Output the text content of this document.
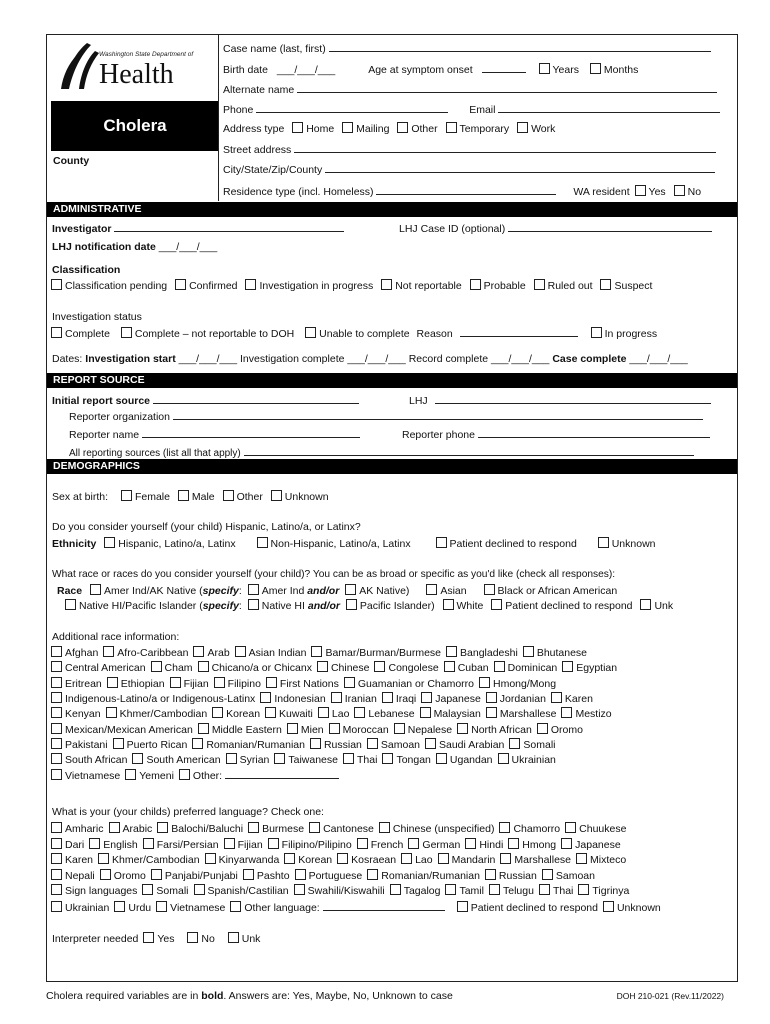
Washington State Department of
Health
Cholera
County
Case name (last, first)
Birth date ___/___/___	Age at symptom onset	Years Months
Alternate name
Phone	Email
Address type Home Mailing Other Temporary Work
Street address
City/State/Zip/County
Residence type (incl. Homeless)	WA resident Yes No
ADMINISTRATIVE
Investigator	LHJ Case ID (optional)
LHJ notification date ___/___/___
Classification
Classification pending Confirmed Investigation in progress Not reportable Probable Ruled out Suspect
Investigation status
Complete Complete – not reportable to DOH Unable to complete Reason	In progress
Dates: Investigation start ___/___/___ Investigation complete ___/___/___ Record complete ___/___/___ Case complete ___/___/___
REPORT SOURCE
Initial report source	LHJ
Reporter organization
Reporter name	Reporter phone
All reporting sources (list all that apply)
DEMOGRAPHICS
Sex at birth:	Female Male Other Unknown
Do you consider yourself (your child) Hispanic, Latino/a, or Latinx?
Ethnicity Hispanic, Latino/a, Latinx	Non-Hispanic, Latino/a, Latinx	Patient declined to respond	Unknown
What race or races do you consider yourself (your child)? You can be as broad or specific as you'd like (check all responses):
Race Amer Ind/AK Native (specify: Amer Ind and/or AK Native)	Asian	Black or African American
Native HI/Pacific Islander (specify: Native HI and/or Pacific Islander) White Patient declined to respond Unk
Additional race information:
Afghan Afro-Caribbean Arab Asian Indian Bamar/Burman/Burmese Bangladeshi Bhutanese
Central American Cham Chicano/a or Chicanx Chinese Congolese Cuban Dominican Egyptian
Eritrean Ethiopian Fijian Filipino First Nations Guamanian or Chamorro Hmong/Mong
Indigenous-Latino/a or Indigenous-Latinx Indonesian Iranian Iraqi Japanese Jordanian Karen
Kenyan Khmer/Cambodian Korean Kuwaiti Lao Lebanese Malaysian Marshallese Mestizo
Mexican/Mexican American Middle Eastern Mien Moroccan Nepalese North African Oromo
Pakistani Puerto Rican Romanian/Rumanian Russian Samoan Saudi Arabian Somali
South African South American Syrian Taiwanese Thai Tongan Ugandan Ukrainian
Vietnamese Yemeni Other:
What is your (your childs) preferred language? Check one:
Amharic Arabic Balochi/Baluchi Burmese Cantonese Chinese (unspecified) Chamorro Chuukese
Dari English Farsi/Persian Fijian Filipino/Pilipino French German Hindi Hmong Japanese
Karen Khmer/Cambodian Kinyarwanda Korean Kosraean Lao Mandarin Marshallese Mixteco
Nepali Oromo Panjabi/Punjabi Pashto Portuguese Romanian/Rumanian Russian Samoan
Sign languages Somali Spanish/Castilian Swahili/Kiswahili Tagalog Tamil Telugu Thai Tigrinya
Ukrainian Urdu Vietnamese Other language:	Patient declined to respond Unknown
Interpreter needed Yes	No	Unk
Cholera required variables are in bold. Answers are: Yes, Maybe, No, Unknown to case	DOH 210-021 (Rev.11/2022)
